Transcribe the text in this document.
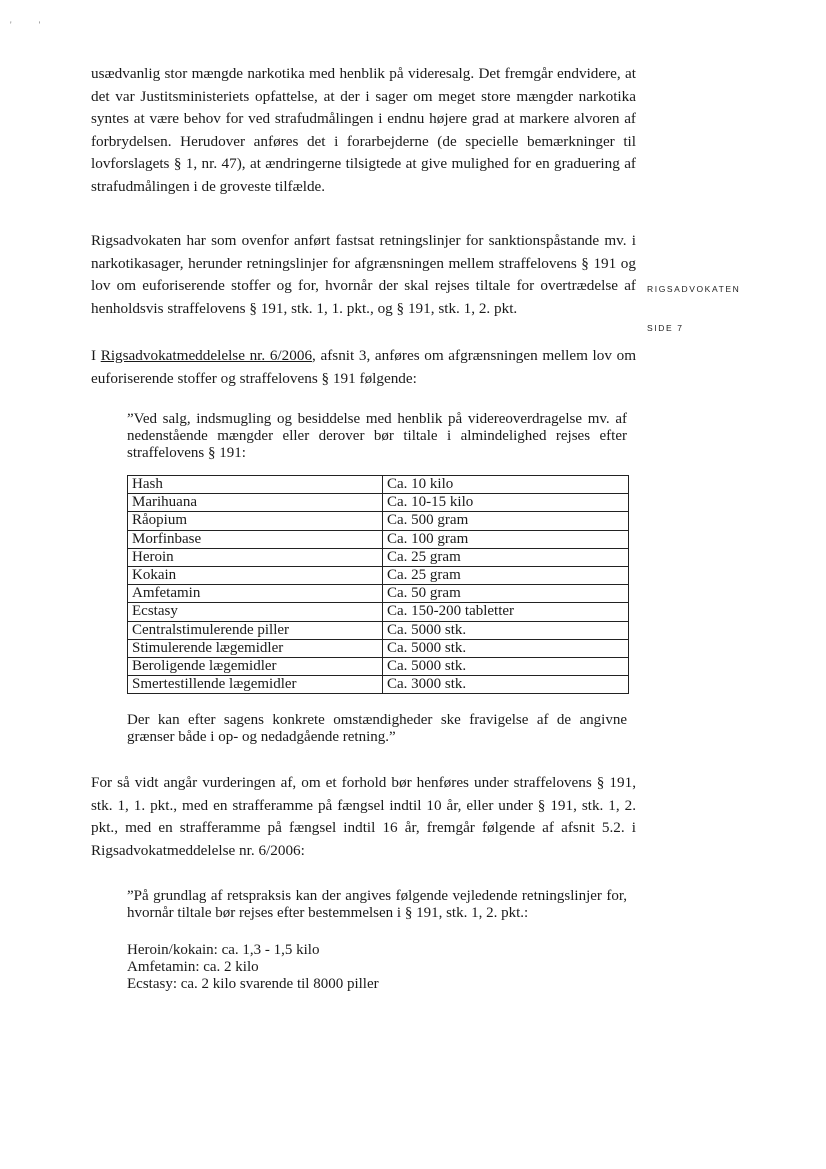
'            '

usædvanlig stor mængde narkotika med henblik på videresalg. Det fremgår endvidere, at det var Justitsministeriets opfattelse, at der i sager om meget store mængder narkotika syntes at være behov for ved strafudmålingen i endnu højere grad at markere alvoren af forbrydelsen. Herudover anføres det i forarbejderne (de specielle bemærkninger til lovforslagets § 1, nr. 47), at ændringerne tilsigtede at give mulighed for en graduering af strafudmålingen i de groveste tilfælde.

Rigsadvokaten har som ovenfor anført fastsat retningslinjer for sanktionspåstande mv. i narkotikasager, herunder retningslinjer for afgrænsningen mellem straffelovens § 191 og lov om euforiserende stoffer og for, hvornår der skal rejses tiltale for overtrædelse af henholdsvis straffelovens § 191, stk. 1, 1. pkt., og § 191, stk. 1, 2. pkt.

RIGSADVOKATEN
SIDE 7

I Rigsadvokatmeddelelse nr. 6/2006, afsnit 3, anføres om afgrænsningen mellem lov om euforiserende stoffer og straffelovens § 191 følgende:

”Ved salg, indsmugling og besiddelse med henblik på videreoverdragelse mv. af nedenstående mængder eller derover bør tiltale i almindelighed rejses efter straffelovens § 191:

Hash	Ca. 10 kilo
Marihuana	Ca. 10-15 kilo
Råopium	Ca. 500 gram
Morfinbase	Ca. 100 gram
Heroin	Ca. 25 gram
Kokain	Ca. 25 gram
Amfetamin	Ca. 50 gram
Ecstasy	Ca. 150-200 tabletter
Centralstimulerende piller	Ca. 5000 stk.
Stimulerende lægemidler	Ca. 5000 stk.
Beroligende lægemidler	Ca. 5000 stk.
Smertestillende lægemidler	Ca. 3000 stk.

Der kan efter sagens konkrete omstændigheder ske fravigelse af de angivne grænser både i op- og nedadgående retning.”

For så vidt angår vurderingen af, om et forhold bør henføres under straffelovens § 191, stk. 1, 1. pkt., med en strafferamme på fængsel indtil 10 år, eller under § 191, stk. 1, 2. pkt., med en strafferamme på fængsel indtil 16 år, fremgår følgende af afsnit 5.2. i Rigsadvokatmeddelelse nr. 6/2006:

”På grundlag af retspraksis kan der angives følgende vejledende retningslinjer for, hvornår tiltale bør rejses efter bestemmelsen i § 191, stk. 1, 2. pkt.:

Heroin/kokain: ca. 1,3 - 1,5 kilo

Amfetamin: ca. 2 kilo

Ecstasy: ca. 2 kilo svarende til 8000 piller
